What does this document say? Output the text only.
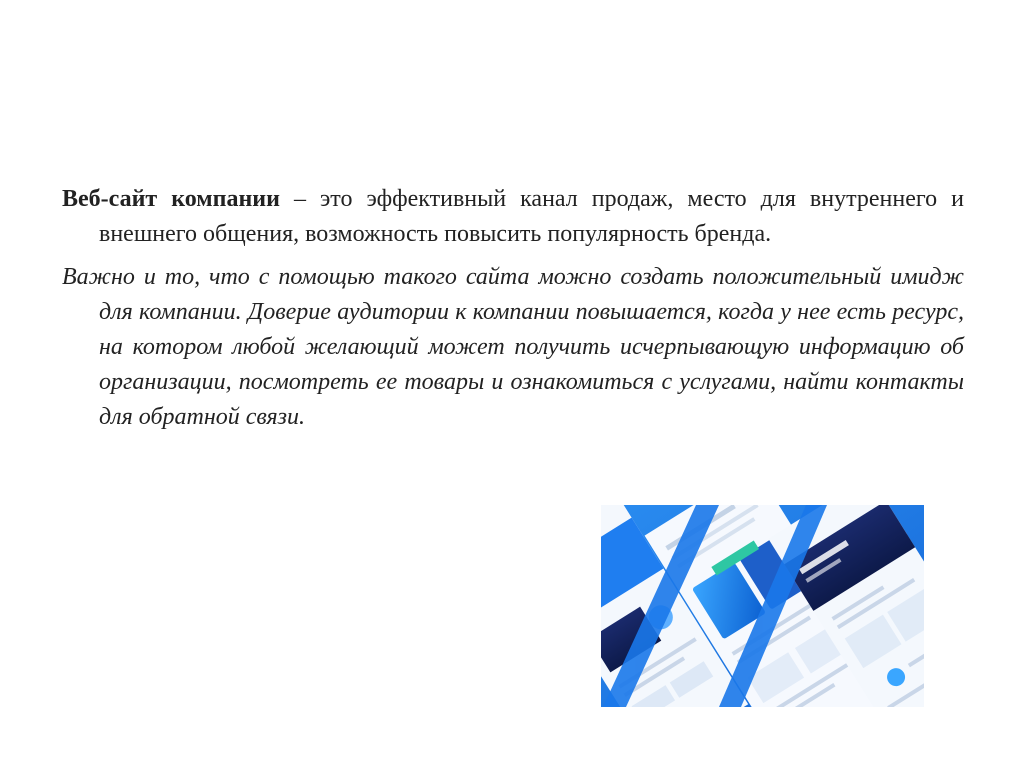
Веб-сайт компании – это эффективный канал продаж, место для внутреннего и внешнего общения, возможность повысить популярность бренда.

Важно и то, что с помощью такого сайта можно создать положительный имидж для компании. Доверие аудитории к компании повышается, когда у нее есть ресурс, на котором любой желающий может получить исчерпывающую информацию об организации, посмотреть ее товары и ознакомиться с услугами, найти контакты для обратной связи.
